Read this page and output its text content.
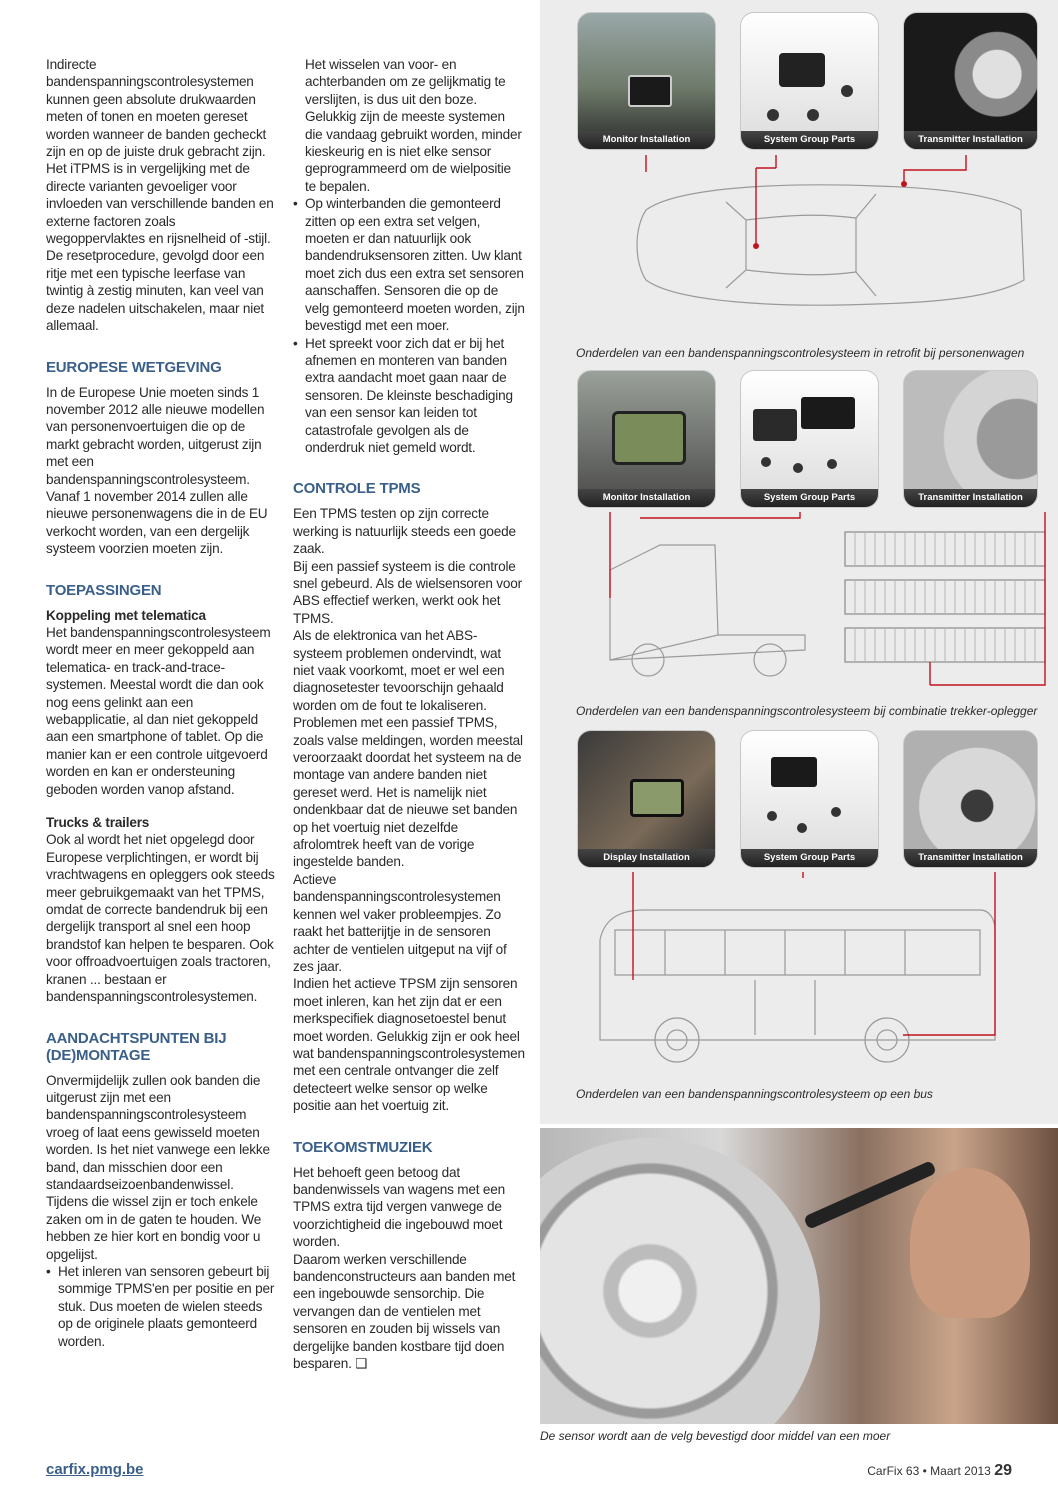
Indirecte bandenspanningscontrolesystemen kunnen geen absolute drukwaarden meten of tonen en moeten gereset worden wanneer de banden gecheckt zijn en op de juiste druk gebracht zijn. Het iTPMS is in vergelijking met de directe varianten gevoeliger voor invloeden van verschillende banden en externe factoren zoals wegoppervlaktes en rijsnelheid of -stijl. De resetprocedure, gevolgd door een ritje met een typische leerfase van twintig à zestig minuten, kan veel van deze nadelen uitschakelen, maar niet allemaal.

EUROPESE WETGEVING

In de Europese Unie moeten sinds 1 november 2012 alle nieuwe modellen van personenvoertuigen die op de markt gebracht worden, uitgerust zijn met een bandenspanningscontrolesysteem.

Vanaf 1 november 2014 zullen alle nieuwe personenwagens die in de EU verkocht worden, van een dergelijk systeem voorzien moeten zijn.

TOEPASSINGEN
Koppeling met telematica

Het bandenspanningscontrolesysteem wordt meer en meer gekoppeld aan telematica- en track-and-trace-systemen. Meestal wordt die dan ook nog eens gelinkt aan een webapplicatie, al dan niet gekoppeld aan een smartphone of tablet. Op die manier kan er een controle uitgevoerd worden en kan er ondersteuning geboden worden vanop afstand.

Trucks & trailers

Ook al wordt het niet opgelegd door Europese verplichtingen, er wordt bij vrachtwagens en opleggers ook steeds meer gebruikgemaakt van het TPMS, omdat de correcte bandendruk bij een dergelijk transport al snel een hoop brandstof kan helpen te besparen. Ook voor offroadvoertuigen zoals tractoren, kranen ... bestaan er bandenspanningscontrolesystemen.

AANDACHTSPUNTEN BIJ (DE)MONTAGE

Onvermijdelijk zullen ook banden die uitgerust zijn met een bandenspanningscontrolesysteem vroeg of laat eens gewisseld moeten worden. Is het niet vanwege een lekke band, dan misschien door een standaardseizoenbandenwissel. Tijdens die wissel zijn er toch enkele zaken om in de gaten te houden. We hebben ze hier kort en bondig voor u opgelijst.

• Het inleren van sensoren gebeurt bij sommige TPMS'en per positie en per stuk. Dus moeten de wielen steeds op de originele plaats gemonteerd worden.

Het wisselen van voor- en achterbanden om ze gelijkmatig te verslijten, is dus uit den boze. Gelukkig zijn de meeste systemen die vandaag gebruikt worden, minder kieskeurig en is niet elke sensor geprogrammeerd om de wielpositie te bepalen.

• Op winterbanden die gemonteerd zitten op een extra set velgen, moeten er dan natuurlijk ook bandendruksensoren zitten. Uw klant moet zich dus een extra set sensoren aanschaffen. Sensoren die op de velg gemonteerd moeten worden, zijn bevestigd met een moer.
• Het spreekt voor zich dat er bij het afnemen en monteren van banden extra aandacht moet gaan naar de sensoren. De kleinste beschadiging van een sensor kan leiden tot catastrofale gevolgen als de onderdruk niet gemeld wordt.
CONTROLE TPMS

Een TPMS testen op zijn correcte werking is natuurlijk steeds een goede zaak.

Bij een passief systeem is die controle snel gebeurd. Als de wielsensoren voor ABS effectief werken, werkt ook het TPMS.

Als de elektronica van het ABS-systeem problemen ondervindt, wat niet vaak voorkomt, moet er wel een diagnosetester tevoorschijn gehaald worden om de fout te lokaliseren.

Problemen met een passief TPMS, zoals valse meldingen, worden meestal veroorzaakt doordat het systeem na de montage van andere banden niet gereset werd. Het is namelijk niet ondenkbaar dat de nieuwe set banden op het voertuig niet dezelfde afrolomtrek heeft van de vorige ingestelde banden.

Actieve bandenspanningscontrolesystemen kennen wel vaker probleempjes. Zo raakt het batterijtje in de sensoren achter de ventielen uitgeput na vijf of zes jaar.

Indien het actieve TPSM zijn sensoren moet inleren, kan het zijn dat er een merkspecifiek diagnosetoestel benut moet worden. Gelukkig zijn er ook heel wat bandenspanningscontrolesystemen met een centrale ontvanger die zelf detecteert welke sensor op welke positie aan het voertuig zit.

TOEKOMSTMUZIEK

Het behoeft geen betoog dat bandenwissels van wagens met een TPMS extra tijd vergen vanwege de voorzichtigheid die ingebouwd moet worden.

Daarom werken verschillende bandenconstructeurs aan banden met een ingebouwde sensorchip. Die vervangen dan de ventielen met sensoren en zouden bij wissels van dergelijke banden kostbare tijd doen besparen. ❑

Monitor Installation	System Group Parts	Transmitter Installation
Onderdelen van een bandenspanningscontrolesysteem in retrofit bij personenwagen
Monitor Installation	System Group Parts	Transmitter Installation
Onderdelen van een bandenspanningscontrolesysteem bij combinatie trekker-oplegger
Display Installation	System Group Parts	Transmitter Installation
Onderdelen van een bandenspanningscontrolesysteem op een bus
De sensor wordt aan de velg bevestigd door middel van een moer
carfix.pmg.be	CarFix 63 • Maart 2013 29
